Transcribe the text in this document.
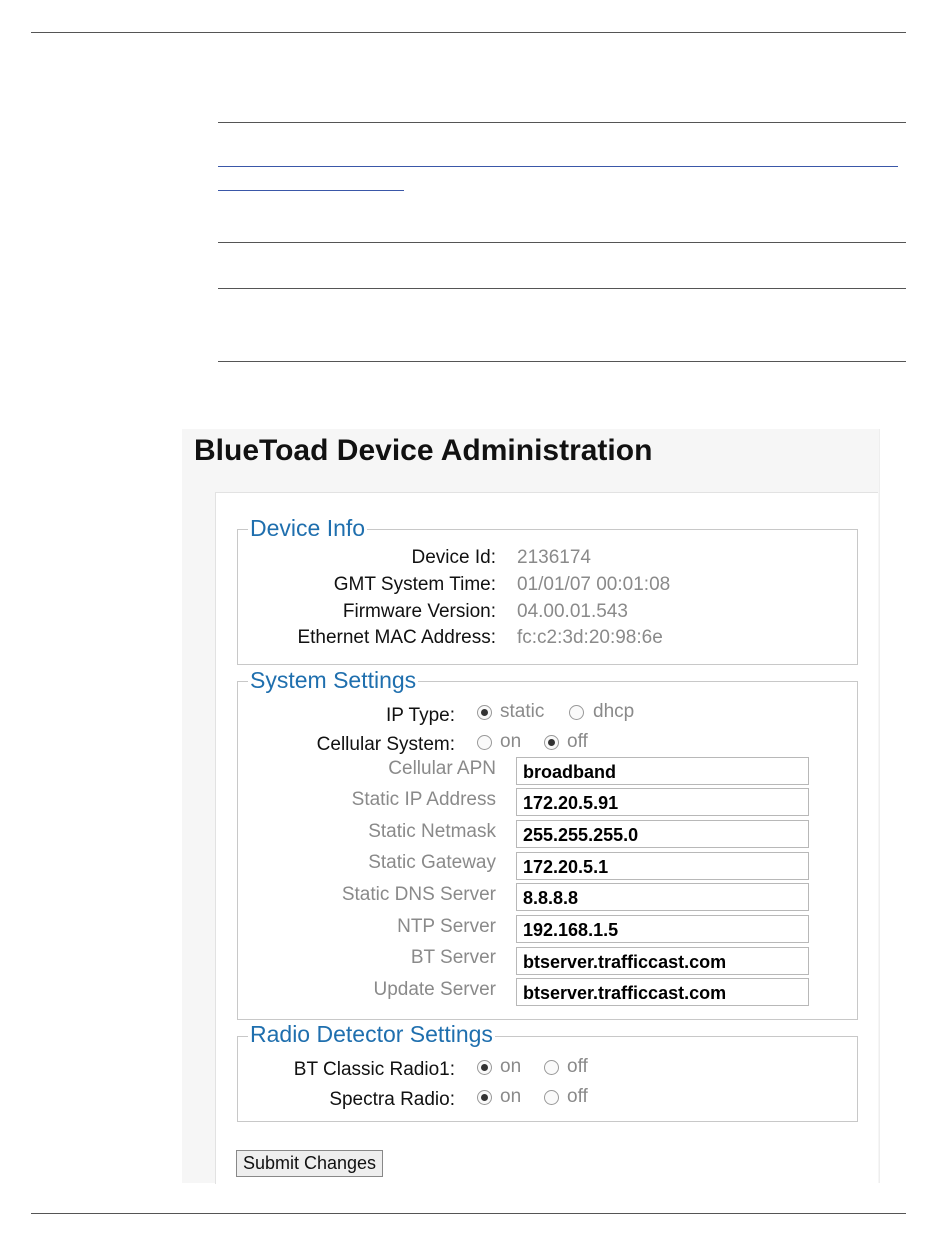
BlueToad Device Administration
Device Info
Device Id: 2136174
GMT System Time: 01/01/07 00:01:08
Firmware Version: 04.00.01.543
Ethernet MAC Address: fc:c2:3d:20:98:6e
System Settings
IP Type: static	dhcp
Cellular System: on off
Cellular APN
broadband
Static IP Address
172.20.5.91
Static Netmask
255.255.255.0
Static Gateway
172.20.5.1
Static DNS Server
8.8.8.8
NTP Server
192.168.1.5
BT Server
btserver.trafficcast.com
Update Server
btserver.trafficcast.com
Radio Detector Settings
BT Classic Radio1: on off
Spectra Radio: on off
Submit Changes
